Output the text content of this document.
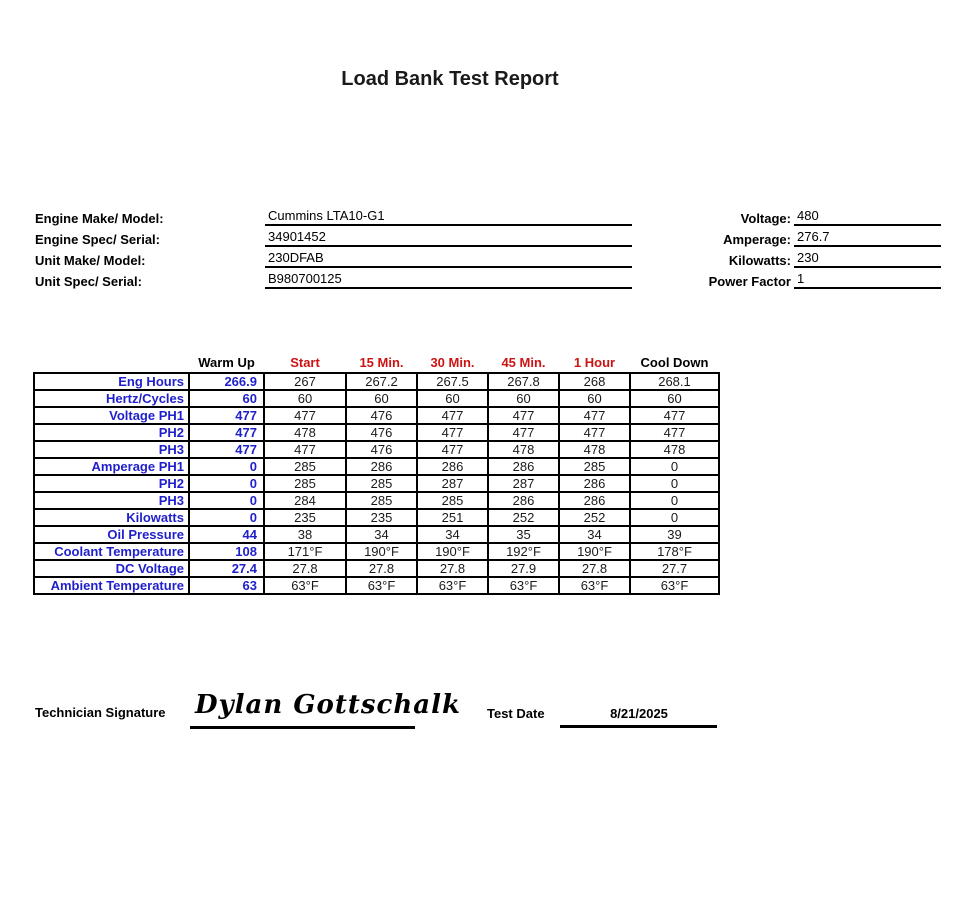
Load Bank Test Report
Engine Make/ Model:	Cummins LTA10-G1
Engine Spec/ Serial:	34901452
Unit Make/ Model:	230DFAB
Unit Spec/ Serial:	B980700125
Voltage: 480
Amperage: 276.7
Kilowatts: 230
Power Factor 1
	Warm Up	Start	15 Min.	30 Min.	45 Min.	1 Hour	Cool Down
Eng Hours	266.9	267	267.2	267.5	267.8	268	268.1
Hertz/Cycles	60	60	60	60	60	60	60
Voltage PH1	477	477	476	477	477	477	477
PH2	477	478	476	477	477	477	477
PH3	477	477	476	477	478	478	478
Amperage PH1	0	285	286	286	286	285	0
PH2	0	285	285	287	287	286	0
PH3	0	284	285	285	286	286	0
Kilowatts	0	235	235	251	252	252	0
Oil Pressure	44	38	34	34	35	34	39
Coolant Temperature	108	171°F	190°F	190°F	192°F	190°F	178°F
DC Voltage	27.4	27.8	27.8	27.8	27.9	27.8	27.7
Ambient Temperature	63	63°F	63°F	63°F	63°F	63°F	63°F
Technician Signature Dylan Gottschalk Test Date	8/21/2025
